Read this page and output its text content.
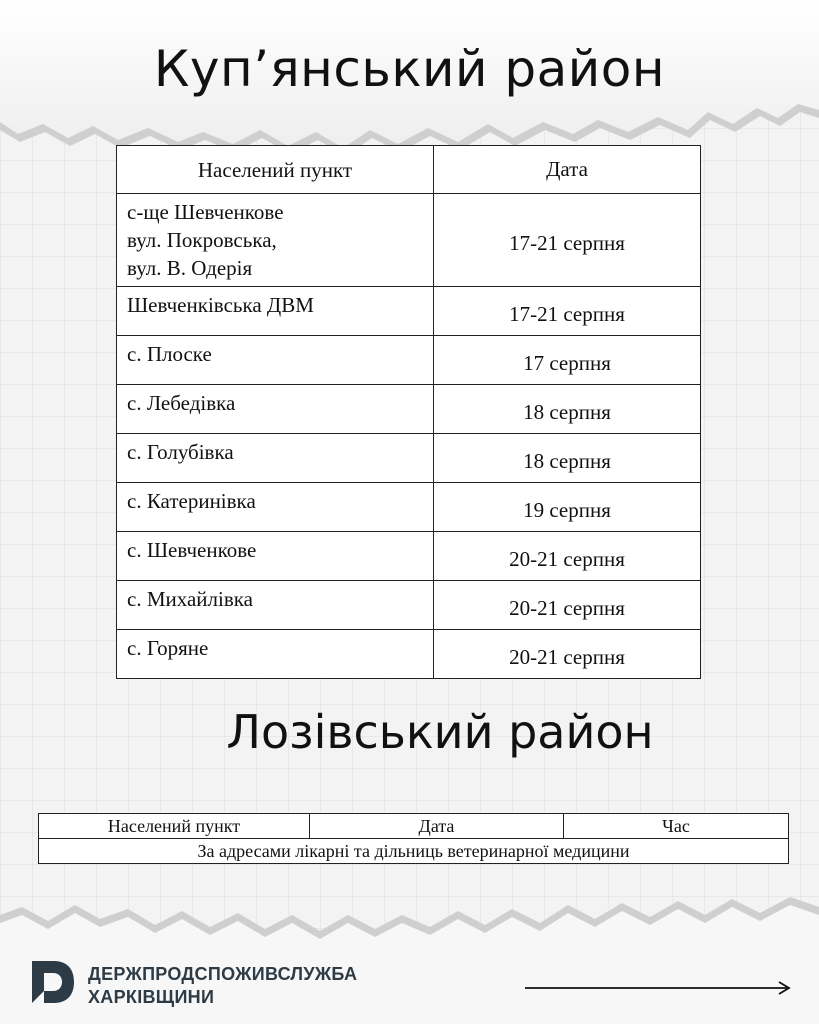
Куп’янський район
Населений пункт	Дата
с-ще Шевченкове
вул. Покровська,
вул. В. Одерія	17-21 серпня
Шевченківська ДВМ	17-21 серпня
с. Плоске	17 серпня
с. Лебедівка	18 серпня
с. Голубівка	18 серпня
с. Катеринівка	19 серпня
с. Шевченкове	20-21 серпня
с. Михайлівка	20-21 серпня
с. Горяне	20-21 серпня
Лозівський район
Населений пункт	Дата	Час
За адресами лікарні та дільниць ветеринарної медицини
ДЕРЖПРОДСПОЖИВСЛУЖБА
ХАРКІВЩИНИ
